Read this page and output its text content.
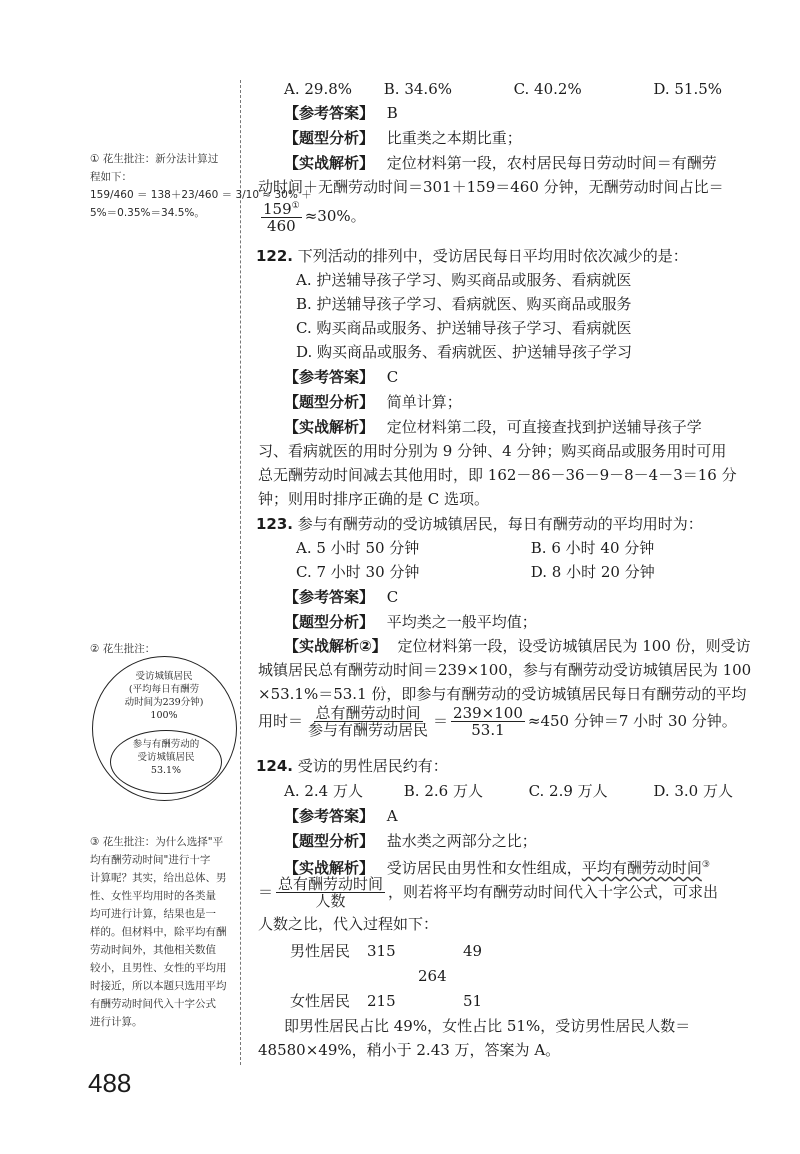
A. 29.8% B. 34.6%	C. 40.2%	D. 51.5%
【参考答案】 B
【题型分析】 比重类之本期比重；
【实战解析】 定位材料第一段，农村居民每日劳动时间＝有酬劳
动时间＋无酬劳动时间＝301＋159＝460 分钟，无酬劳动时间占比＝
$\frac{159^①}{460} \approx 30\%$。
① 花生批注：新分法计算过
程如下：
159/460 ＝ 138＋23/460 ＝ 3/10 ≈ 30% ＋
5%＝0.35%＝34.5%。
122. 下列活动的排列中，受访居民每日平均用时依次减少的是：
A. 护送辅导孩子学习、购买商品或服务、看病就医
B. 护送辅导孩子学习、看病就医、购买商品或服务
C. 购买商品或服务、护送辅导孩子学习、看病就医
D. 购买商品或服务、看病就医、护送辅导孩子学习
【参考答案】 C
【题型分析】 简单计算；
【实战解析】 定位材料第二段，可直接查找到护送辅导孩子学
习、看病就医的用时分别为 9 分钟、4 分钟；购买商品或服务用时可用
总无酬劳动时间减去其他用时，即 162－86－36－9－8－4－3＝16 分
钟；则用时排序正确的是 C 选项。
123. 参与有酬劳动的受访城镇居民，每日有酬劳动的平均用时为：
A. 5 小时 50 分钟	B. 6 小时 40 分钟
C. 7 小时 30 分钟	D. 8 小时 20 分钟
【参考答案】 C
【题型分析】 平均类之一般平均值；
【实战解析②】 定位材料第一段，设受访城镇居民为 100 份，则受访
城镇居民总有酬劳动时间＝239×100，参与有酬劳动受访城镇居民为 100
×53.1%＝53.1 份，即参与有酬劳动的受访城镇居民每日有酬劳动的平均
用时＝ $\frac{\text{总有酬劳动时间}}{\text{参与有酬劳动居民}} = \frac{239\times 100}{53.1} \approx 450$ 分钟＝7 小时 30 分钟。
② 花生批注：
受访城镇居民
(平均每日有酬劳
动时间为239分钟)
100%
参与有酬劳动的
受访城镇居民
53.1%	124. 受访的男性居民约有：
A. 2.4 万人	B. 2.6 万人	C. 2.9 万人	D. 3.0 万人
【参考答案】 A
【题型分析】 盐水类之两部分之比；
【实战解析】 受访居民由男性和女性组成，平均有酬劳动时间③
＝ $\frac{\text{总有酬劳动时间}}{\text{人数}}$ ，则若将平均有酬劳动时间代入十字公式，可求出
人数之比，代入过程如下：
男性居民 315	49
264
女性居民 215	51
即男性居民占比 49%，女性占比 51%，受访男性居民人数＝
48580×49%，稍小于 2.43 万，答案为 A。
③ 花生批注：为什么选择"平
均有酬劳动时间"进行十字
计算呢？其实，给出总体、男
性、女性平均用时的各类量
均可进行计算，结果也是一
样的。但材料中，除平均有酬
劳动时间外，其他相关数值
较小，且男性、女性的平均用
时接近，所以本题只选用平均
有酬劳动时间代入十字公式
进行计算。
488
